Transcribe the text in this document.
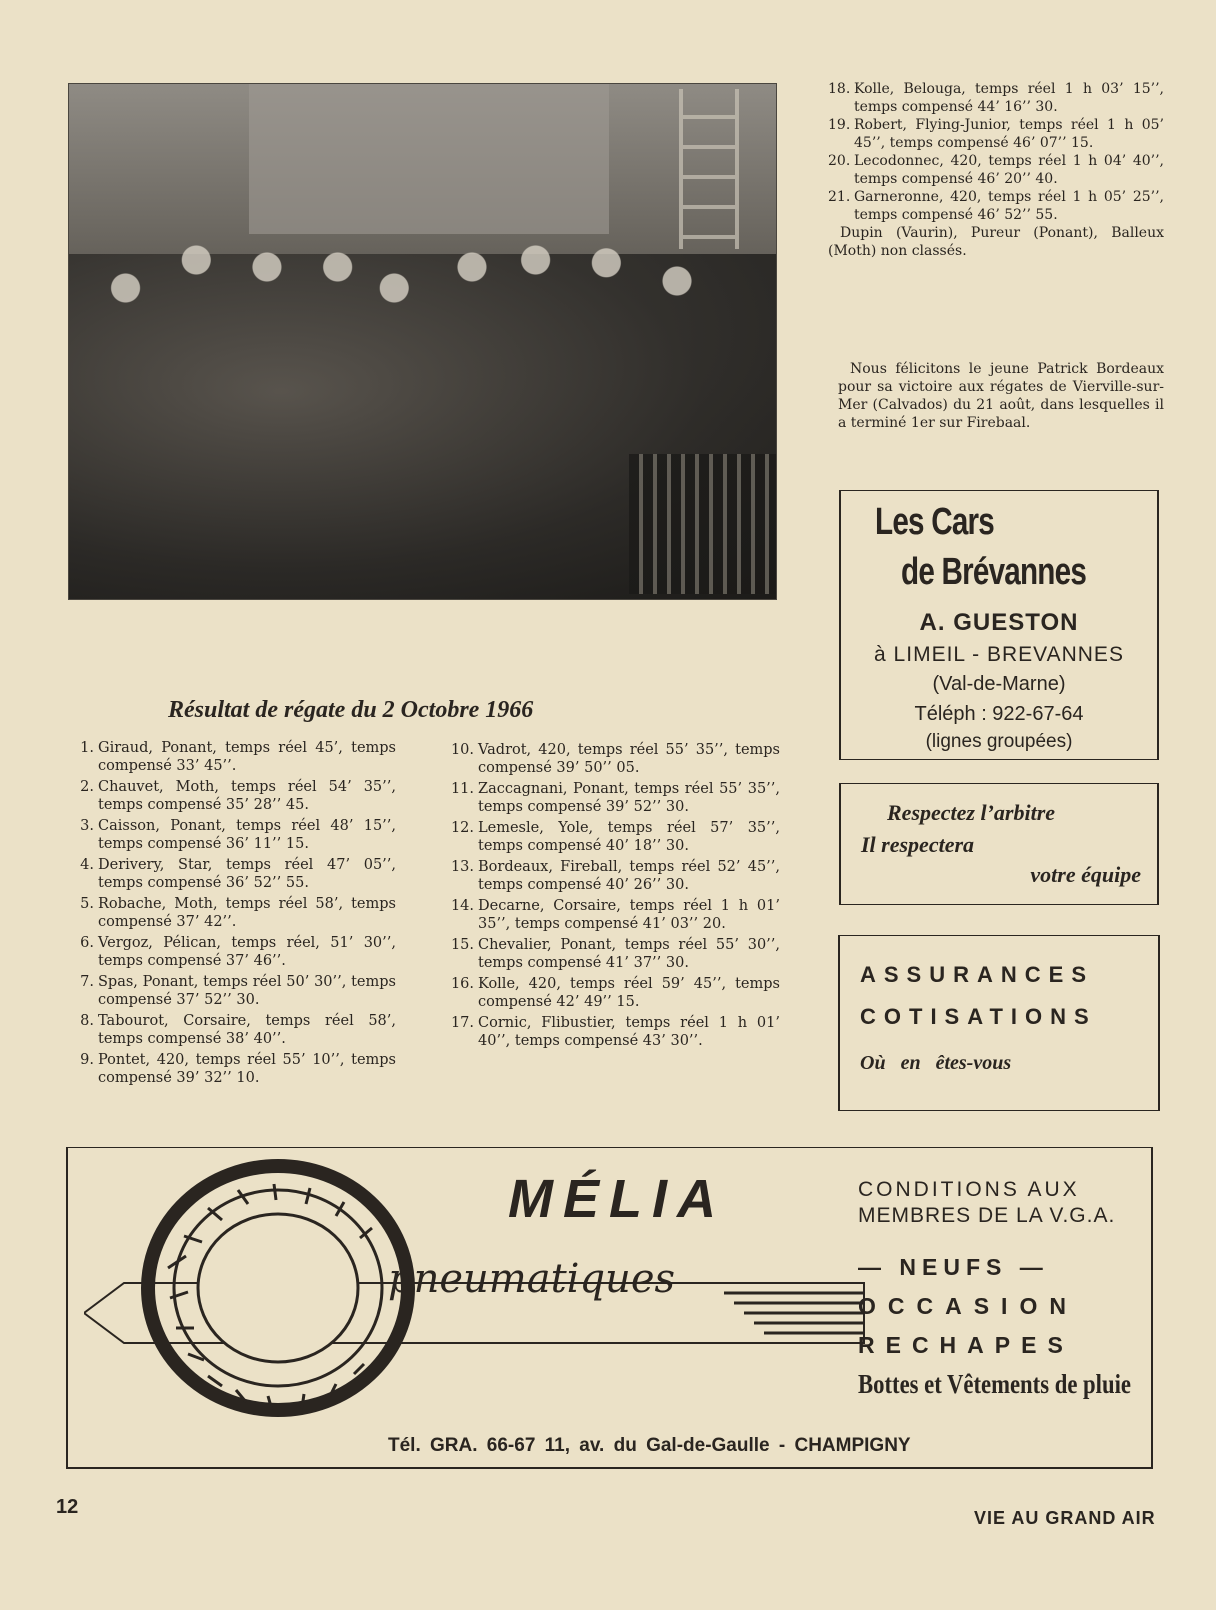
18. Kolle, Belouga, temps réel 1 h 03’ 15’’, temps compensé 44’ 16’’ 30.
19. Robert, Flying-Junior, temps réel 1 h 05’ 45’’, temps compensé 46’ 07’’ 15.
20. Lecodonnec, 420, temps réel 1 h 04’ 40’’, temps compensé 46’ 20’’ 40.
21. Garneronne, 420, temps réel 1 h 05’ 25’’, temps compensé 46’ 52’’ 55.
Dupin (Vaurin), Pureur (Ponant), Balleux (Moth) non classés.
Nous félicitons le jeune Patrick Bordeaux pour sa victoire aux régates de Vierville-sur-Mer (Calvados) du 21 août, dans lesquelles il a terminé 1er sur Firebaal.
Les Cars
de Brévannes
A. GUESTON
à LIMEIL - BREVANNES
(Val-de-Marne)
Téléph : 922-67-64
(lignes groupées)
Respectez l’arbitre
Il respectera
votre équipe
ASSURANCES
COTISATIONS
Où en êtes-vous
Résultat de régate du 2 Octobre 1966
1. Giraud, Ponant, temps réel 45’, temps compensé 33’ 45’’.
2. Chauvet, Moth, temps réel 54’ 35’’, temps compensé 35’ 28’’ 45.
3. Caisson, Ponant, temps réel 48’ 15’’, temps compensé 36’ 11’’ 15.
4. Derivery, Star, temps réel 47’ 05’’, temps compensé 36’ 52’’ 55.
5. Robache, Moth, temps réel 58’, temps compensé 37’ 42’’.
6. Vergoz, Pélican, temps réel, 51’ 30’’, temps compensé 37’ 46’’.
7. Spas, Ponant, temps réel 50’ 30’’, temps compensé 37’ 52’’ 30.
8. Tabourot, Corsaire, temps réel 58’, temps compensé 38’ 40’’.
9. Pontet, 420, temps réel 55’ 10’’, temps compensé 39’ 32’’ 10.
10. Vadrot, 420, temps réel 55’ 35’’, temps compensé 39’ 50’’ 05.
11. Zaccagnani, Ponant, temps réel 55’ 35’’, temps compensé 39’ 52’’ 30.
12. Lemesle, Yole, temps réel 57’ 35’’, temps compensé 40’ 18’’ 30.
13. Bordeaux, Fireball, temps réel 52’ 45’’, temps compensé 40’ 26’’ 30.
14. Decarne, Corsaire, temps réel 1 h 01’ 35’’, temps compensé 41’ 03’’ 20.
15. Chevalier, Ponant, temps réel 55’ 30’’, temps compensé 41’ 37’’ 30.
16. Kolle, 420, temps réel 59’ 45’’, temps compensé 42’ 49’’ 15.
17. Cornic, Flibustier, temps réel 1 h 01’ 40’’, temps compensé 43’ 30’’.
pneumatiques
MÉLIA	CONDITIONS AUX
MEMBRES DE LA V.G.A.
— NEUFS —
OCCASION
RECHAPES
Bottes et Vêtements de pluie
Tél. GRA. 66-67 11, av. du Gal-de-Gaulle - CHAMPIGNY
12	VIE AU GRAND AIR
